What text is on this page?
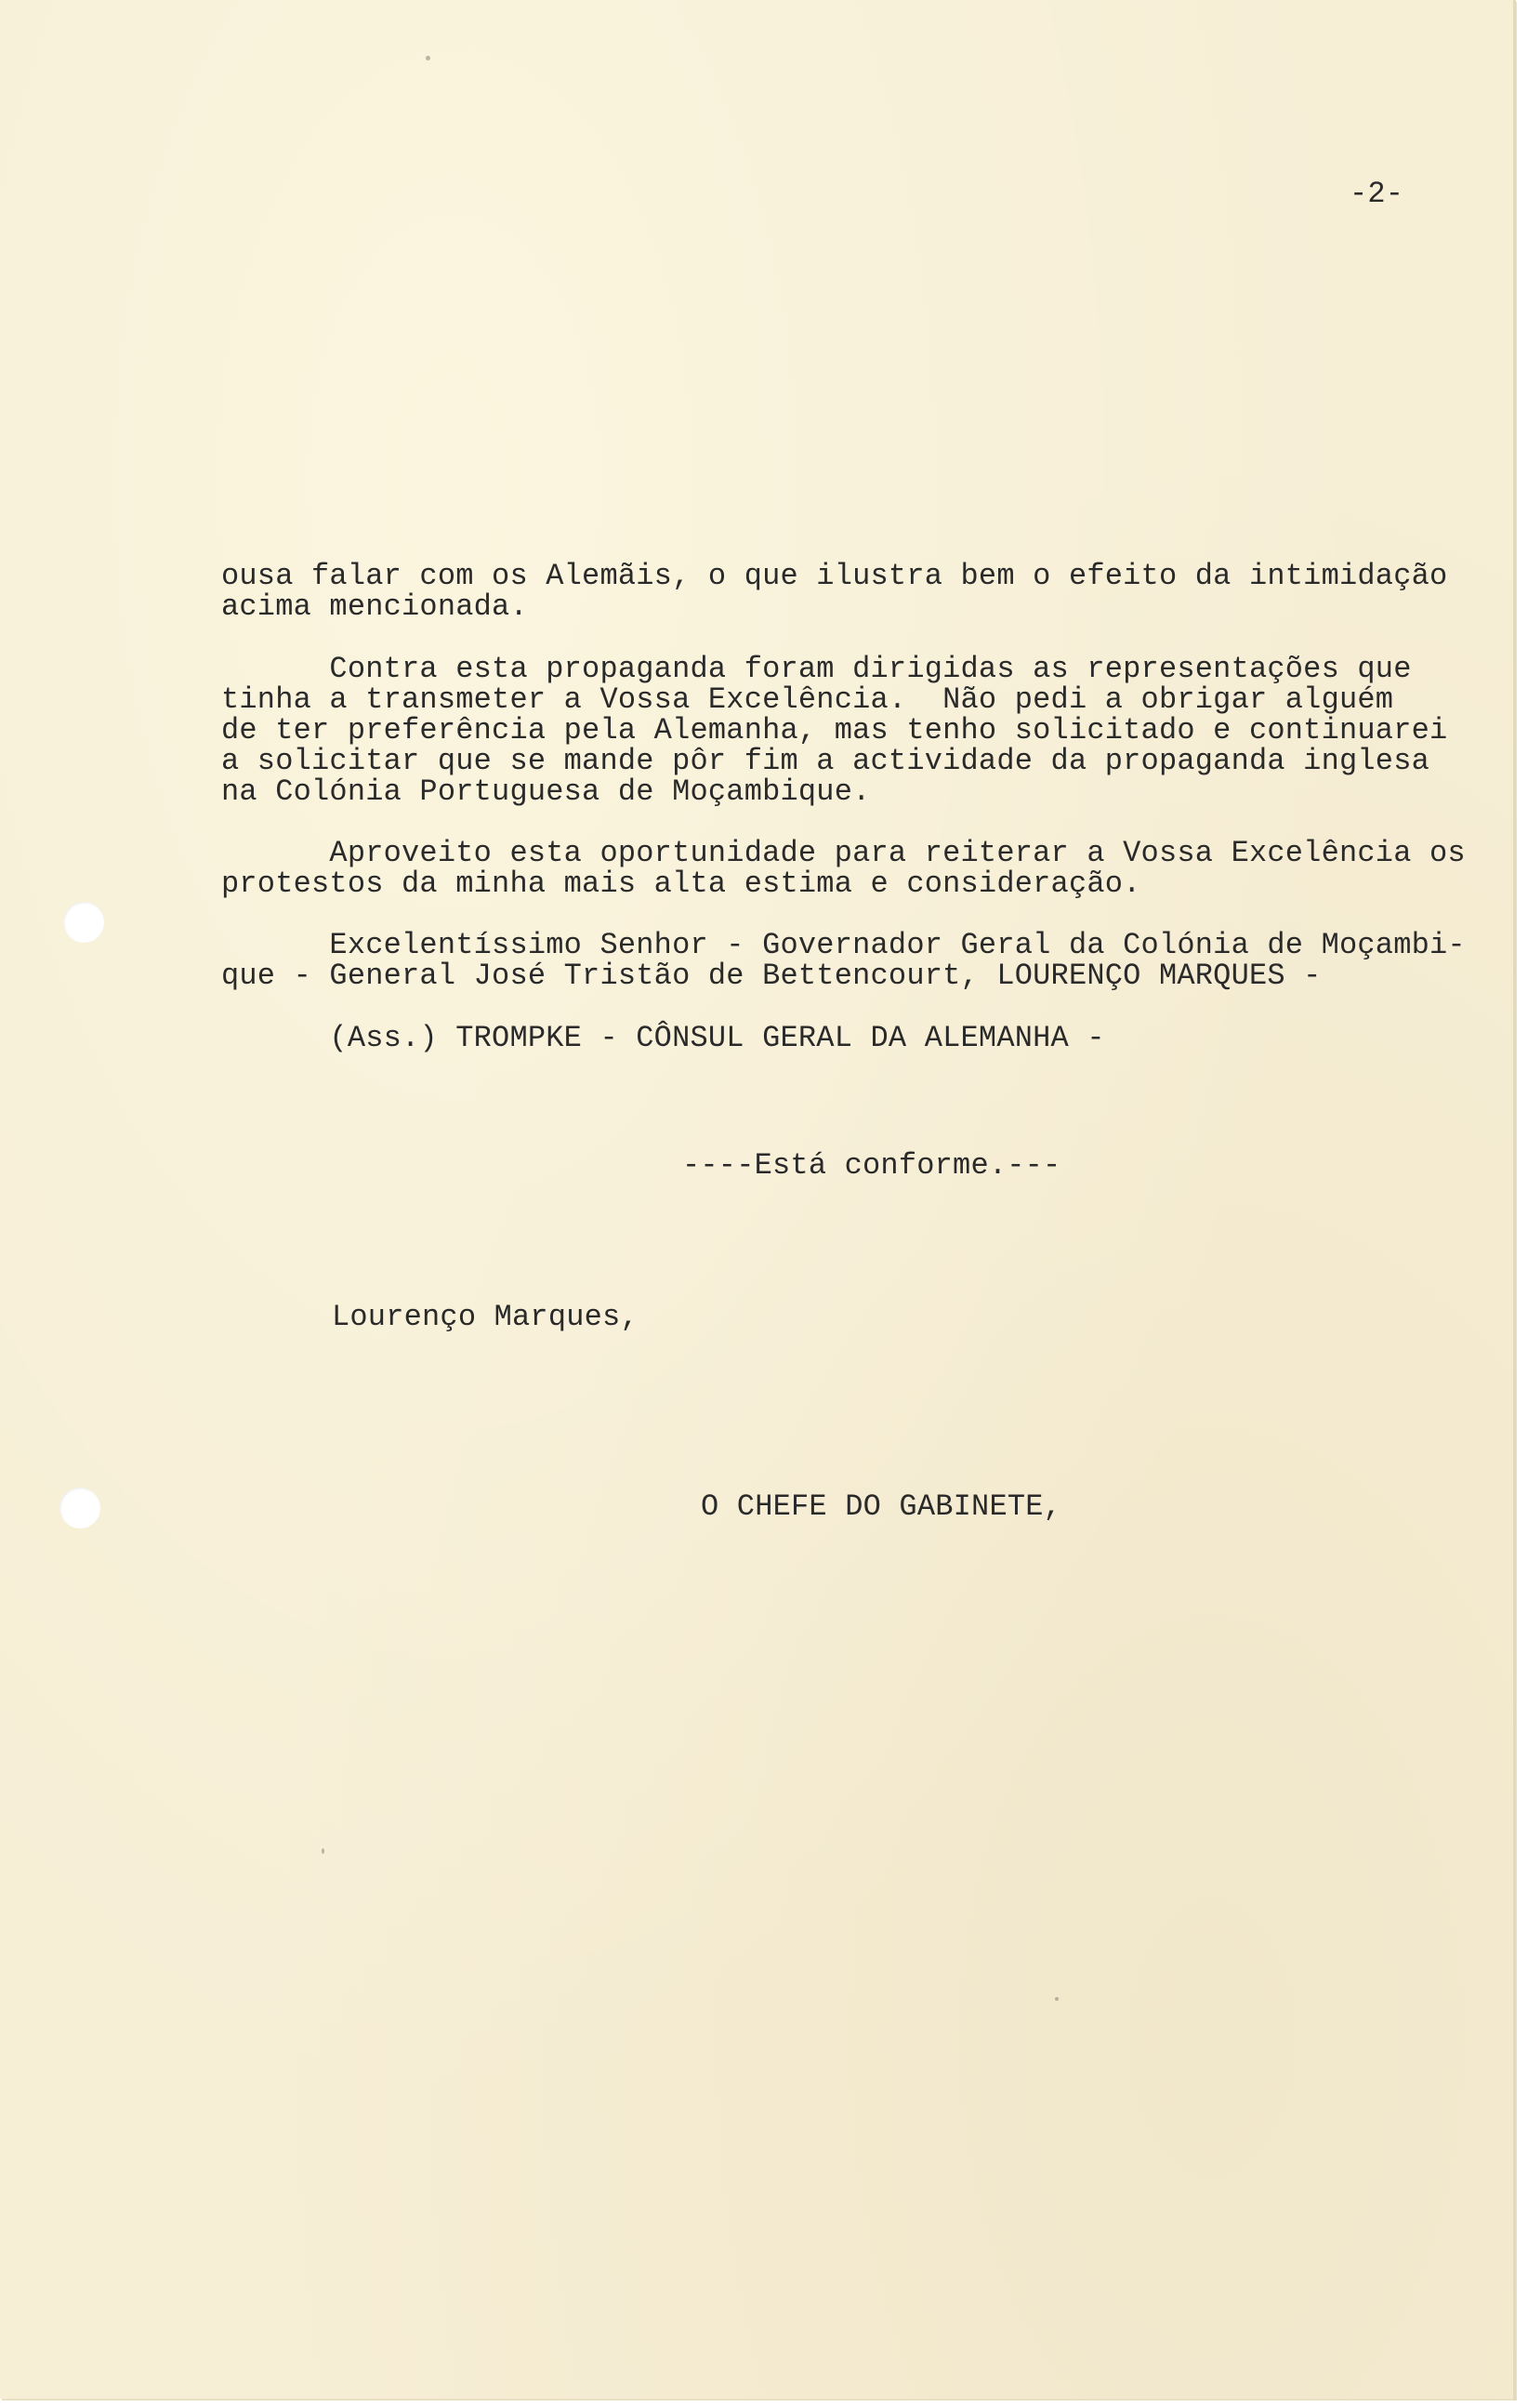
-2-
ousa falar com os Alemãis, o que ilustra bem o efeito da intimidação
acima mencionada.
Contra esta propaganda foram dirigidas as representações que
tinha a transmeter a Vossa Excelência.  Não pedi a obrigar alguém
de ter preferência pela Alemanha, mas tenho solicitado e continuarei
a solicitar que se mande pôr fim a actividade da propaganda inglesa
na Colónia Portuguesa de Moçambique.
Aproveito esta oportunidade para reiterar a Vossa Excelência os
protestos da minha mais alta estima e consideração.
Excelentíssimo Senhor - Governador Geral da Colónia de Moçambi-
que - General José Tristão de Bettencourt, LOURENÇO MARQUES -
(Ass.) TROMPKE - CÔNSUL GERAL DA ALEMANHA -
----Está conforme.---
Lourenço Marques,
O CHEFE DO GABINETE,
